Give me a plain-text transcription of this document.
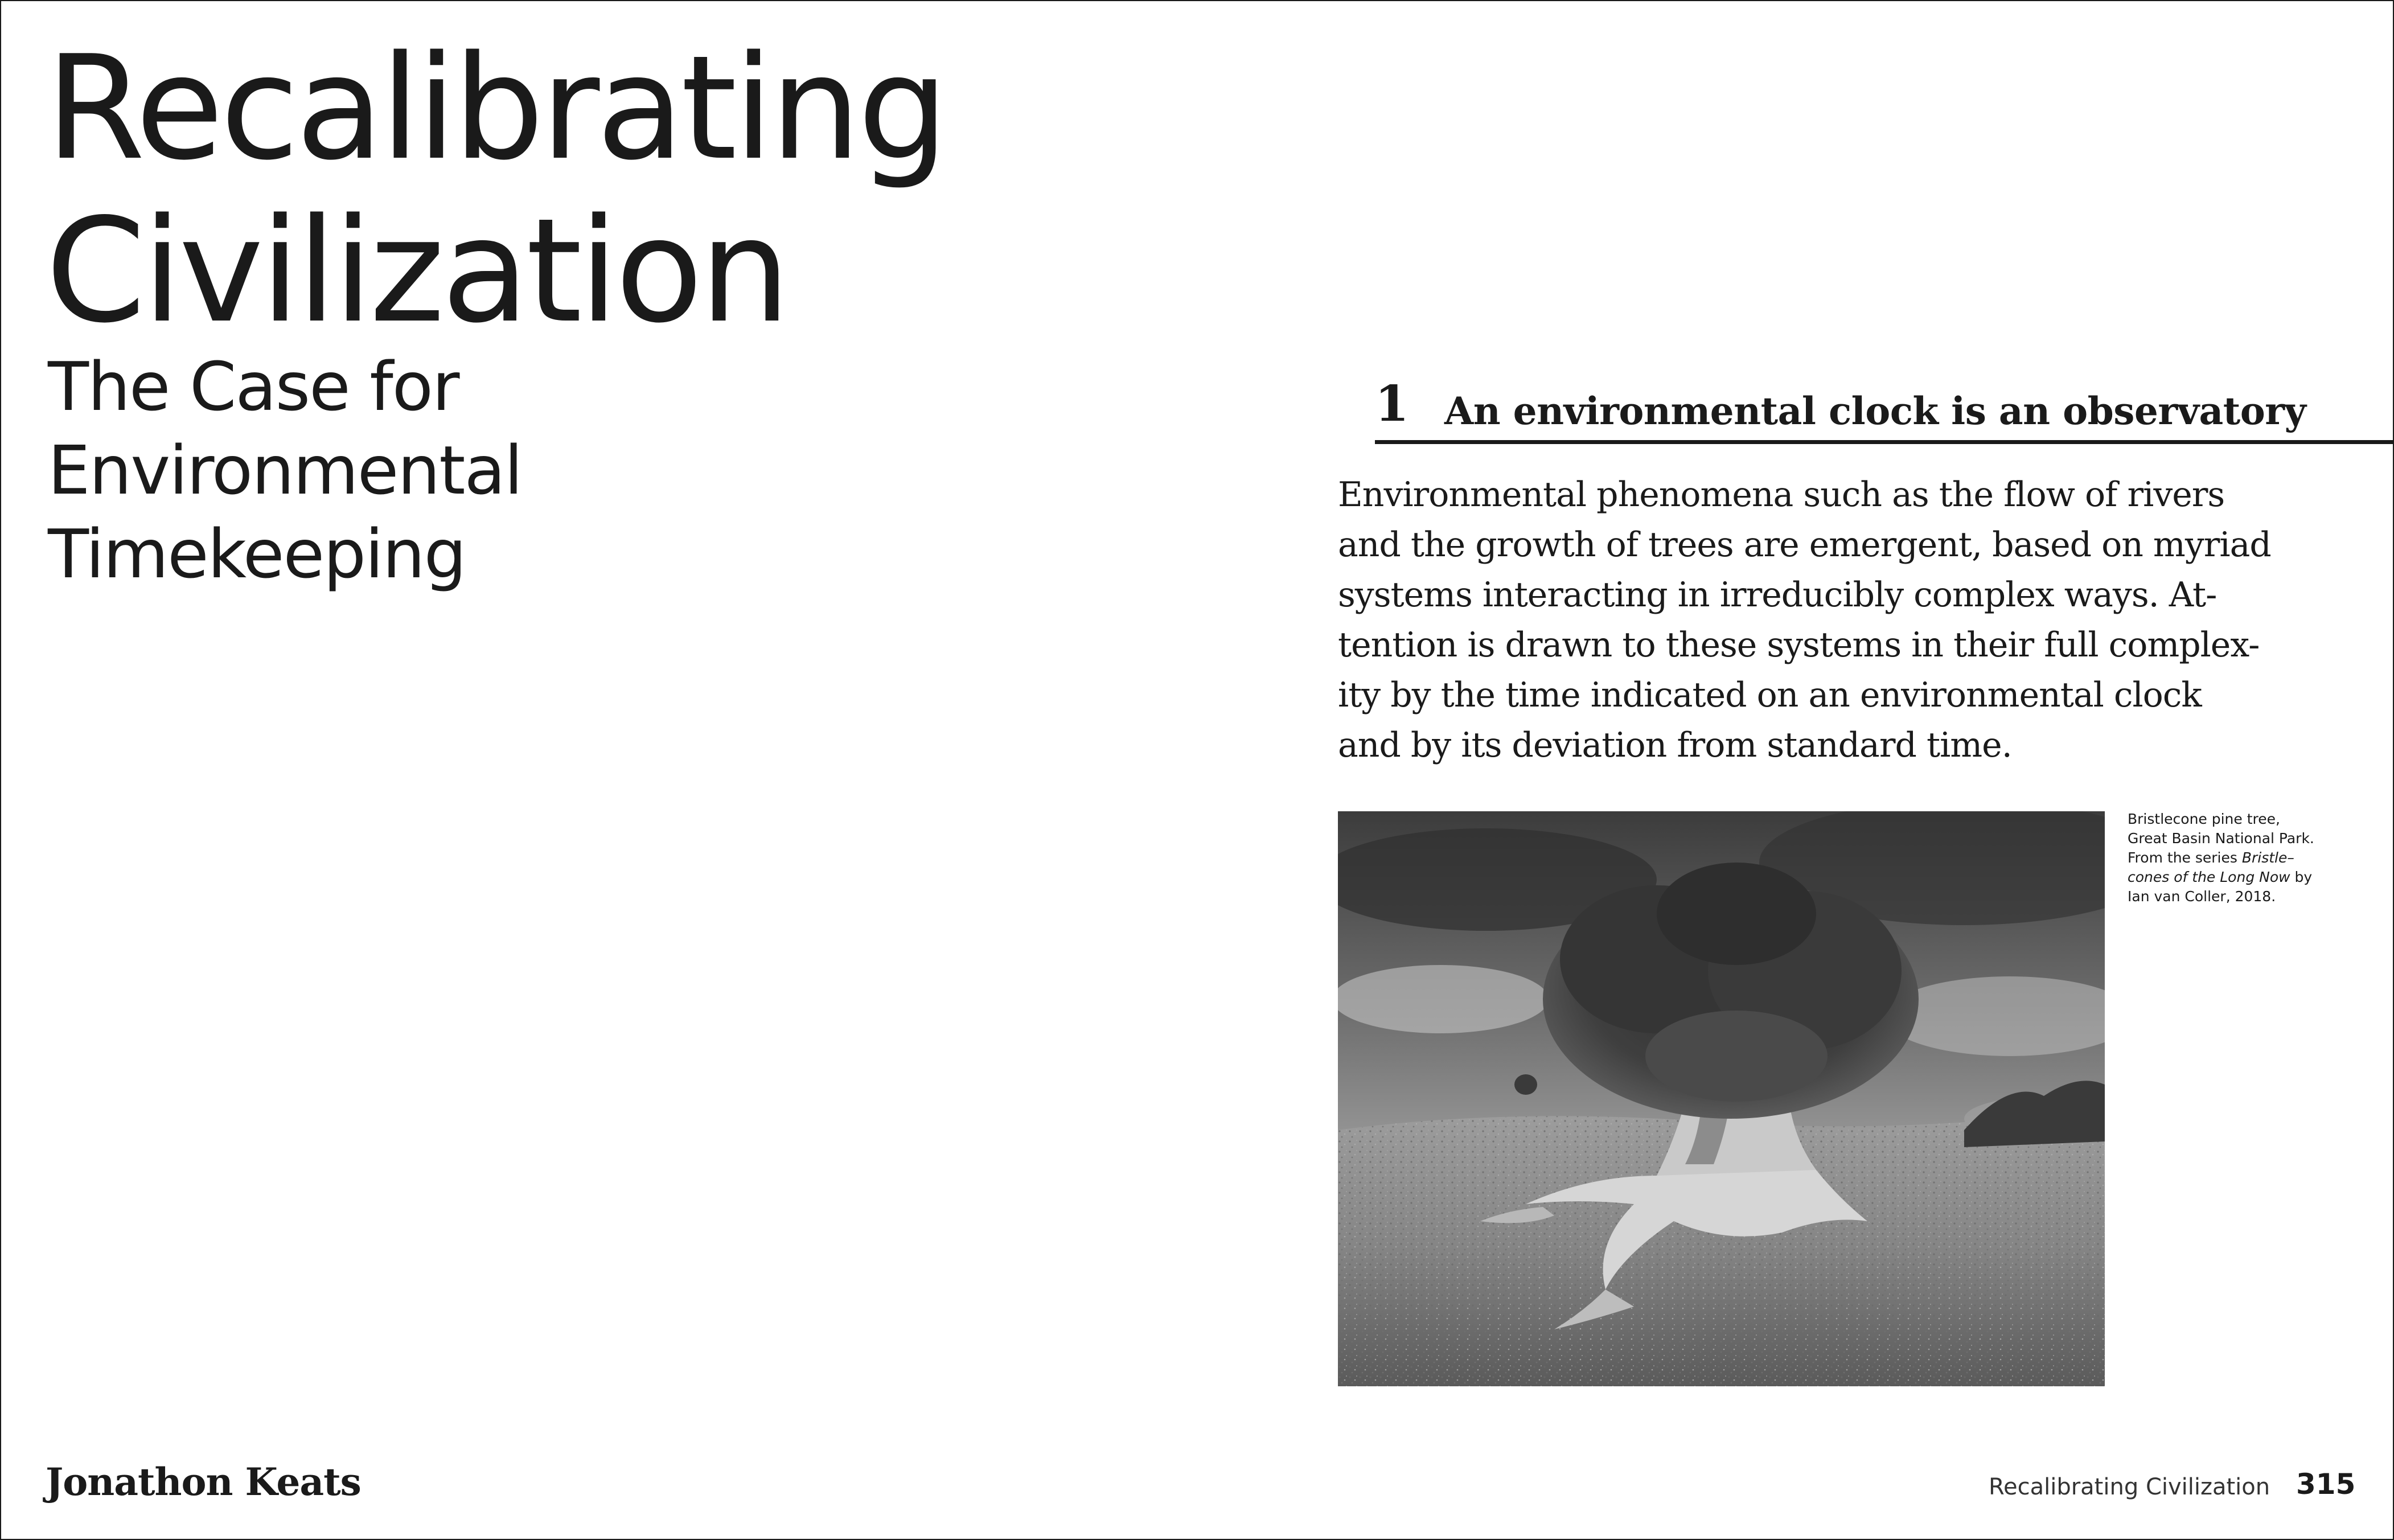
Recalibrating
Civilization
The Case for
Environmental
Timekeeping
1 An environmental clock is an observatory
Environmental phenomena such as the flow of rivers
and the growth of trees are emergent, based on myriad
systems interacting in irreducibly complex ways. At-
tention is drawn to these systems in their full complex-
ity by the time indicated on an environmental clock
and by its deviation from standard time.
Bristlecone pine tree,
Great Basin National Park.
From the series Bristle–
cones of the Long Now by
Ian van Coller, 2018.
Jonathon Keats	Recalibrating Civilization 315
